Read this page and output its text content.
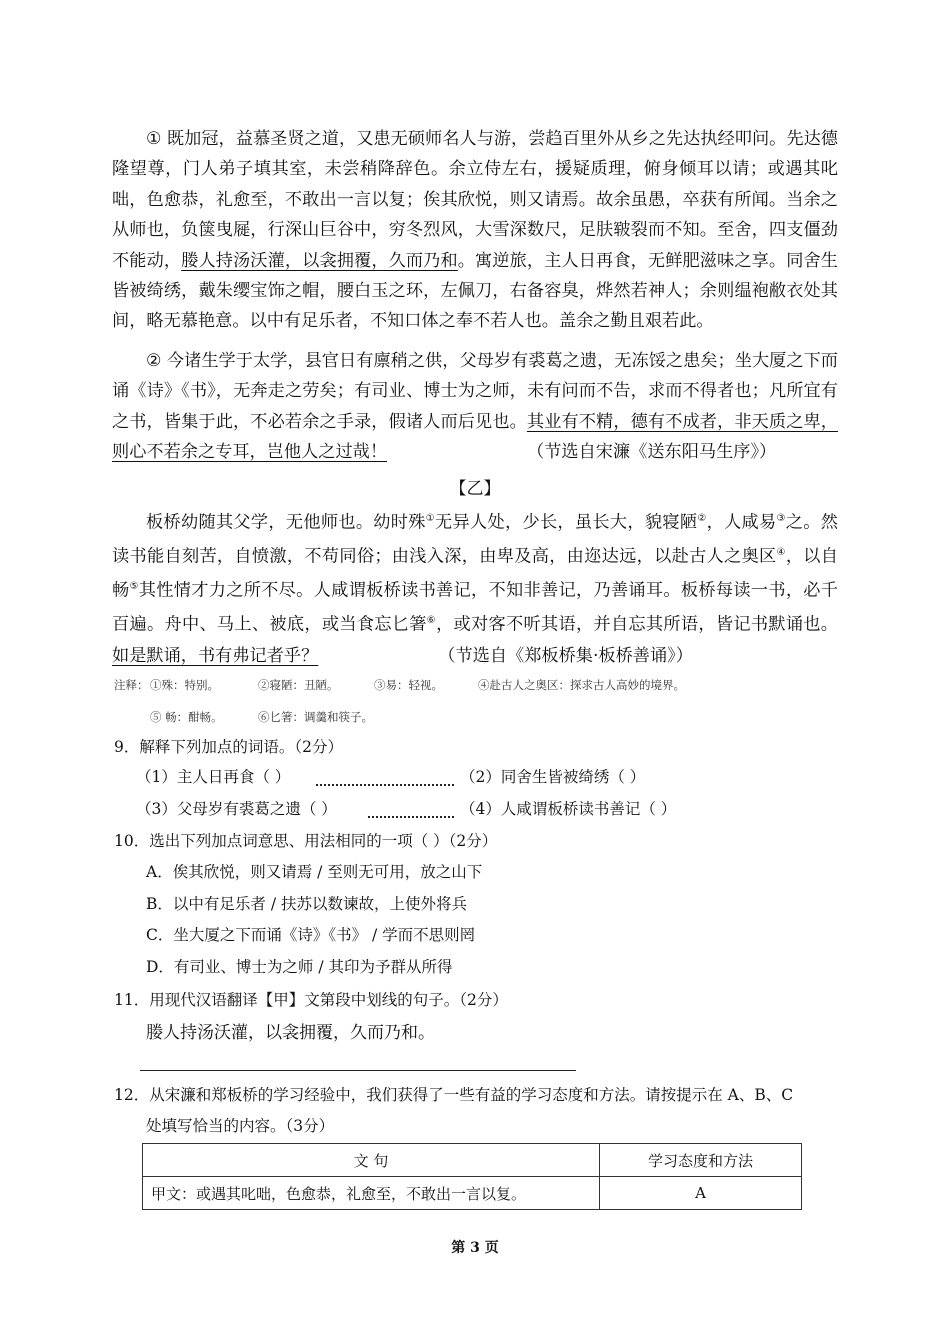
① 既加冠，益慕圣贤之道，又患无硕师名人与游，尝趋百里外从乡之先达执经叩问。先达德隆望尊，门人弟子填其室，未尝稍降辞色。余立侍左右，援疑质理，俯身倾耳以请；或遇其叱咄，色愈恭，礼愈至，不敢出一言以复；俟其欣悦，则又请焉。故余虽愚，卒获有所闻。当余之从师也，负箧曳屣，行深山巨谷中，穷冬烈风，大雪深数尺，足肤皲裂而不知。至舍，四支僵劲不能动，媵人持汤沃灌，以衾拥覆，久而乃和。寓逆旅，主人日再食，无鲜肥滋味之享。同舍生皆被绮绣，戴朱缨宝饰之帽，腰白玉之环，左佩刀，右备容臭，烨然若神人；余则缊袍敝衣处其间，略无慕艳意。以中有足乐者，不知口体之奉不若人也。盖余之勤且艰若此。

② 今诸生学于太学，县官日有廪稍之供，父母岁有裘葛之遗，无冻馁之患矣；坐大厦之下而诵《诗》《书》，无奔走之劳矣；有司业、博士为之师，未有问而不告，求而不得者也；凡所宜有之书，皆集于此，不必若余之手录，假诸人而后见也。其业有不精，德有不成者，非天质之卑，则心不若余之专耳，岂他人之过哉！	（节选自宋濂《送东阳马生序》）

【乙】

板桥幼随其父学，无他师也。幼时殊①无异人处，少长，虽长大，貌寝陋②，人咸易③之。然读书能自刻苦，自愤激，不苟同俗；由浅入深，由卑及高，由迩达远，以赴古人之奥区④，以自畅⑤其性情才力之所不尽。人咸谓板桥读书善记，不知非善记，乃善诵耳。板桥每读一书，必千百遍。舟中、马上、被底，或当食忘匕箸⑥，或对客不听其语，并自忘其所语，皆记书默诵也。如是默诵，书有弗记者乎？	（节选自《郑板桥集·板桥善诵》）

注释： ①殊：特别。	②寝陋：丑陋。	③易：轻视。	④赴古人之奥区：探求古人高妙的境界。
⑤ 畅：酣畅。	⑥匕箸：调羹和筷子。
9．解释下列加点的词语。（2分）
（1）主人日再食（ ）	（2）同舍生皆被绮绣（ ）
（3）父母岁有裘葛之遗（ ）	（4）人咸谓板桥读书善记（ ）
10．选出下列加点词意思、用法相同的一项（ ）（2分）
A．俟其欣悦，则又请焉 / 至则无可用，放之山下
B．以中有足乐者 / 扶苏以数谏故，上使外将兵
C．坐大厦之下而诵《诗》《书》 / 学而不思则罔
D．有司业、博士为之师 / 其印为予群从所得
11．用现代汉语翻译【甲】文第段中划线的句子。（2分）
媵人持汤沃灌，以衾拥覆，久而乃和。
12．从宋濂和郑板桥的学习经验中，我们获得了一些有益的学习态度和方法。请按提示在 A、B、C
处填写恰当的内容。（3分）
文 句	学习态度和方法
甲文：或遇其叱咄，色愈恭，礼愈至，不敢出一言以复。	A
第 3 页
